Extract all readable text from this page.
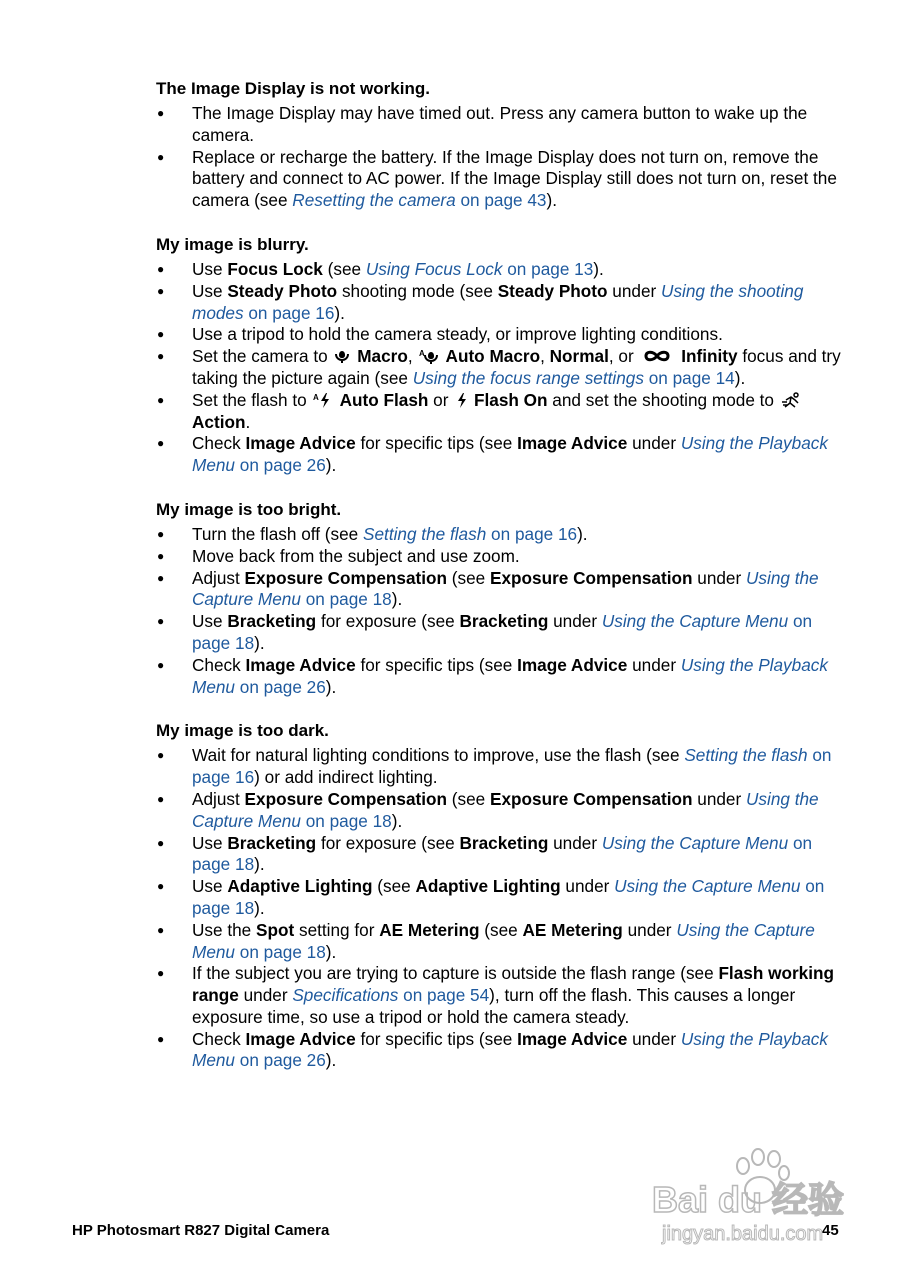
The Image Display is not working.
● The Image Display may have timed out. Press any camera button to wake up the camera.
● Replace or recharge the battery. If the Image Display does not turn on, remove the battery and connect to AC power. If the Image Display still does not turn on, reset the camera (see Resetting the camera on page 43).
My image is blurry.
● Use Focus Lock (see Using Focus Lock on page 13).
● Use Steady Photo shooting mode (see Steady Photo under Using the shooting modes on page 16).
● Use a tripod to hold the camera steady, or improve lighting conditions.
● Set the camera to  Macro, A Auto Macro, Normal, or  Infinity focus and try taking the picture again (see Using the focus range settings on page 14).
● Set the flash to A Auto Flash or  Flash On and set the shooting mode to  Action.
● Check Image Advice for specific tips (see Image Advice under Using the Playback Menu on page 26).
My image is too bright.
● Turn the flash off (see Setting the flash on page 16).
● Move back from the subject and use zoom.
● Adjust Exposure Compensation (see Exposure Compensation under Using the Capture Menu on page 18).
● Use Bracketing for exposure (see Bracketing under Using the Capture Menu on page 18).
● Check Image Advice for specific tips (see Image Advice under Using the Playback Menu on page 26).
My image is too dark.
● Wait for natural lighting conditions to improve, use the flash (see Setting the flash on page 16) or add indirect lighting.
● Adjust Exposure Compensation (see Exposure Compensation under Using the Capture Menu on page 18).
● Use Bracketing for exposure (see Bracketing under Using the Capture Menu on page 18).
● Use Adaptive Lighting (see Adaptive Lighting under Using the Capture Menu on page 18).
● Use the Spot setting for AE Metering (see AE Metering under Using the Capture Menu on page 18).
● If the subject you are trying to capture is outside the flash range (see Flash working range under Specifications on page 54), turn off the flash. This causes a longer exposure time, so use a tripod or hold the camera steady.
● Check Image Advice for specific tips (see Image Advice under Using the Playback Menu on page 26).
HP Photosmart R827 Digital Camera	45
Bai du 经验
jingyan.baidu.com
